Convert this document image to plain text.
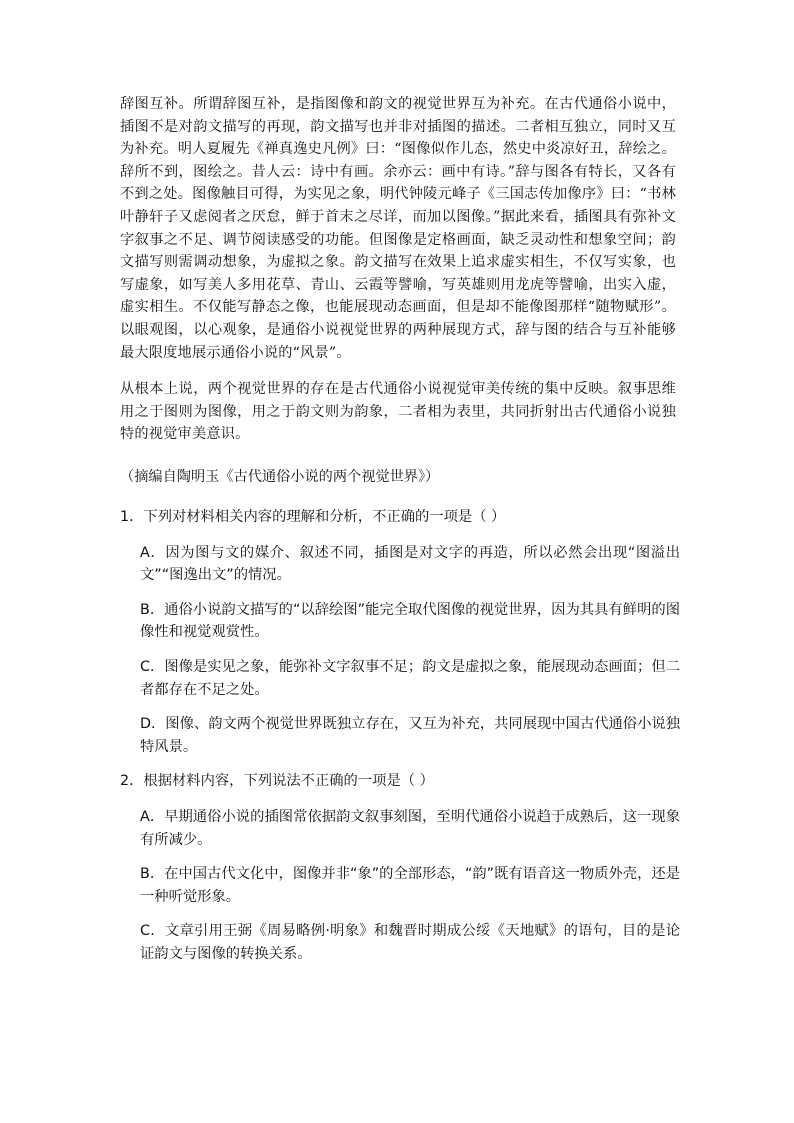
辞图互补。所谓辞图互补，是指图像和韵文的视觉世界互为补充。在古代通俗小说中，插图不是对韵文描写的再现，韵文描写也并非对插图的描述。二者相互独立，同时又互为补充。明人夏履先《禅真逸史凡例》曰：“图像似作儿态，然史中炎凉好丑，辞绘之。辞所不到，图绘之。昔人云：诗中有画。余亦云：画中有诗。”辞与图各有特长，又各有不到之处。图像触目可得，为实见之象，明代钟陵元峰子《三国志传加像序》曰：“书林叶静轩子又虑阅者之厌怠，鲜于首末之尽详，而加以图像。”据此来看，插图具有弥补文字叙事之不足、调节阅读感受的功能。但图像是定格画面，缺乏灵动性和想象空间；韵文描写则需调动想象，为虚拟之象。韵文描写在效果上追求虚实相生，不仅写实象，也写虚象，如写美人多用花草、青山、云霞等譬喻，写英雄则用龙虎等譬喻，出实入虚，虚实相生。不仅能写静态之像，也能展现动态画面，但是却不能像图那样“随物赋形”。以眼观图，以心观象，是通俗小说视觉世界的两种展现方式，辞与图的结合与互补能够最大限度地展示通俗小说的“风景”。

从根本上说，两个视觉世界的存在是古代通俗小说视觉审美传统的集中反映。叙事思维用之于图则为图像，用之于韵文则为韵象，二者相为表里，共同折射出古代通俗小说独特的视觉审美意识。

（摘编自陶明玉《古代通俗小说的两个视觉世界》）

1．下列对材料相关内容的理解和分析，不正确的一项是（ ）

A．因为图与文的媒介、叙述不同，插图是对文字的再造，所以必然会出现“图溢出文”“图逸出文”的情况。

B．通俗小说韵文描写的“以辞绘图”能完全取代图像的视觉世界，因为其具有鲜明的图像性和视觉观赏性。

C．图像是实见之象，能弥补文字叙事不足；韵文是虚拟之象，能展现动态画面；但二者都存在不足之处。

D．图像、韵文两个视觉世界既独立存在，又互为补充，共同展现中国古代通俗小说独特风景。

2．根据材料内容，下列说法不正确的一项是（ ）

A．早期通俗小说的插图常依据韵文叙事刻图，至明代通俗小说趋于成熟后，这一现象有所减少。

B．在中国古代文化中，图像并非“象”的全部形态，“韵”既有语音这一物质外壳，还是一种听觉形象。

C．文章引用王弼《周易略例·明象》和魏晋时期成公绥《天地赋》的语句，目的是论证韵文与图像的转换关系。
